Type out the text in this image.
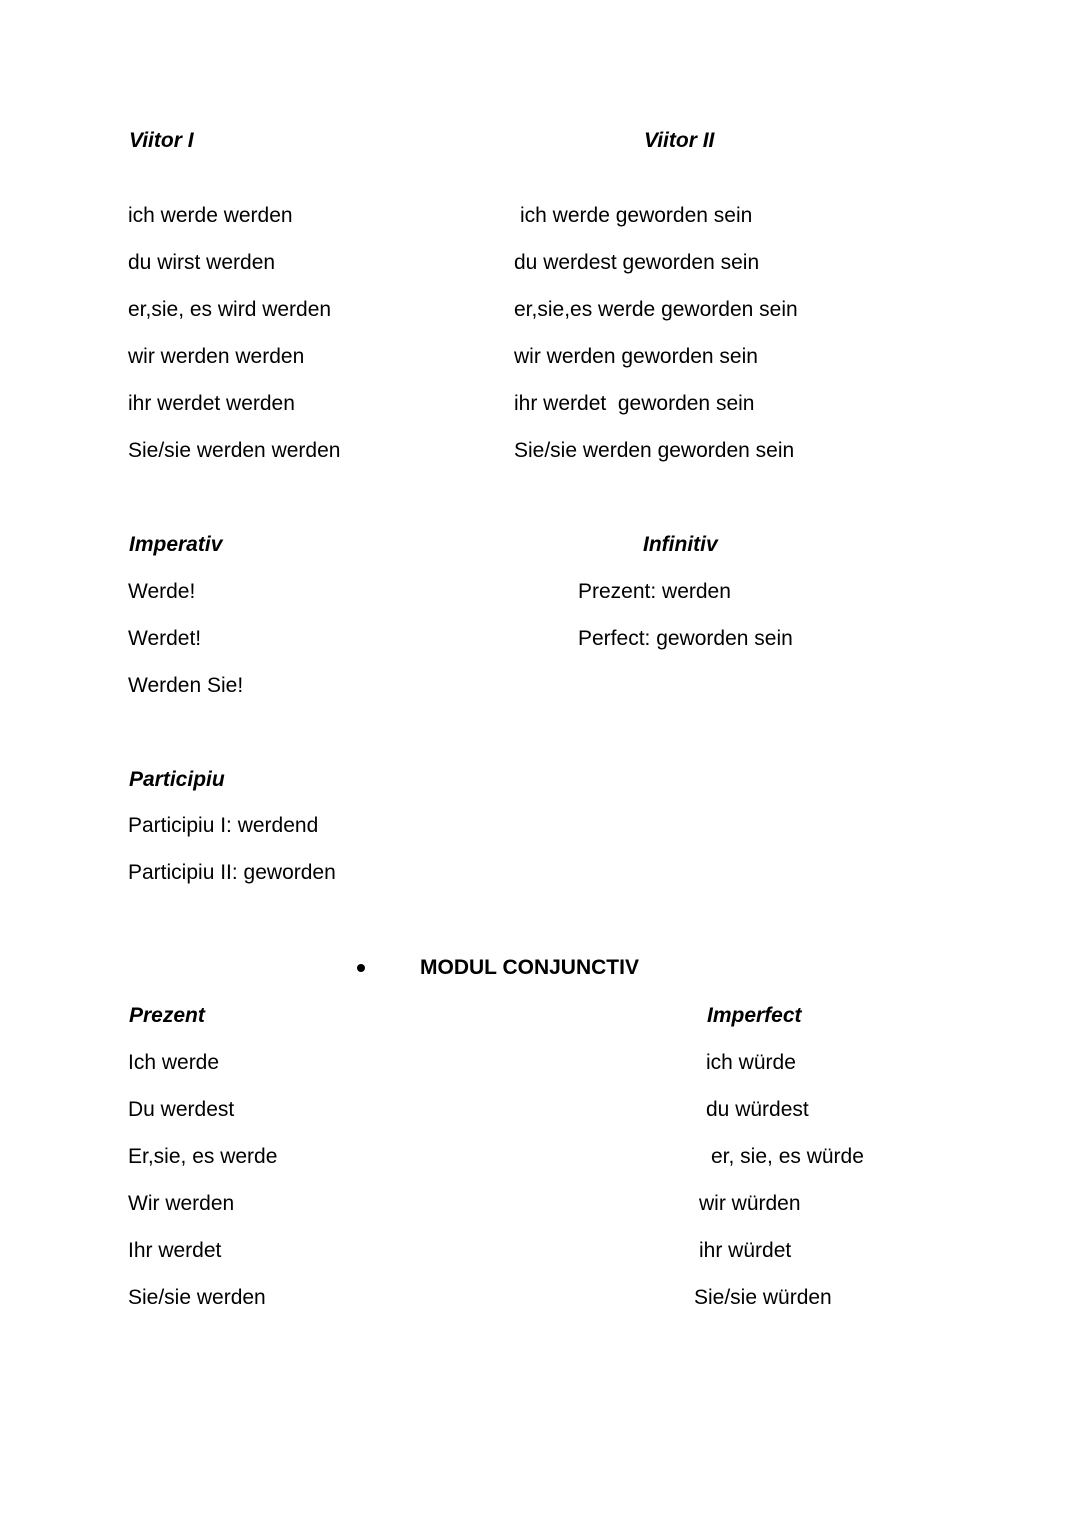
Viitor I

ich werde werden

du wirst werden

er,sie, es wird werden

wir werden werden

ihr werdet werden

Sie/sie werden werden

Viitor II

ich werde geworden sein

du werdest geworden sein

er,sie,es werde geworden sein

wir werden geworden sein

ihr werdet  geworden sein

Sie/sie werden geworden sein

Imperativ

Werde!

Werdet!

Werden Sie!

Infinitiv

Prezent: werden

Perfect: geworden sein

Participiu

Participiu I: werdend

Participiu II: geworden

MODUL CONJUNCTIV

Prezent

Ich werde

Du werdest

Er,sie, es werde

Wir werden

Ihr werdet

Sie/sie werden

Imperfect

ich würde

du würdest

er, sie, es würde

wir würden

ihr würdet

Sie/sie würden
